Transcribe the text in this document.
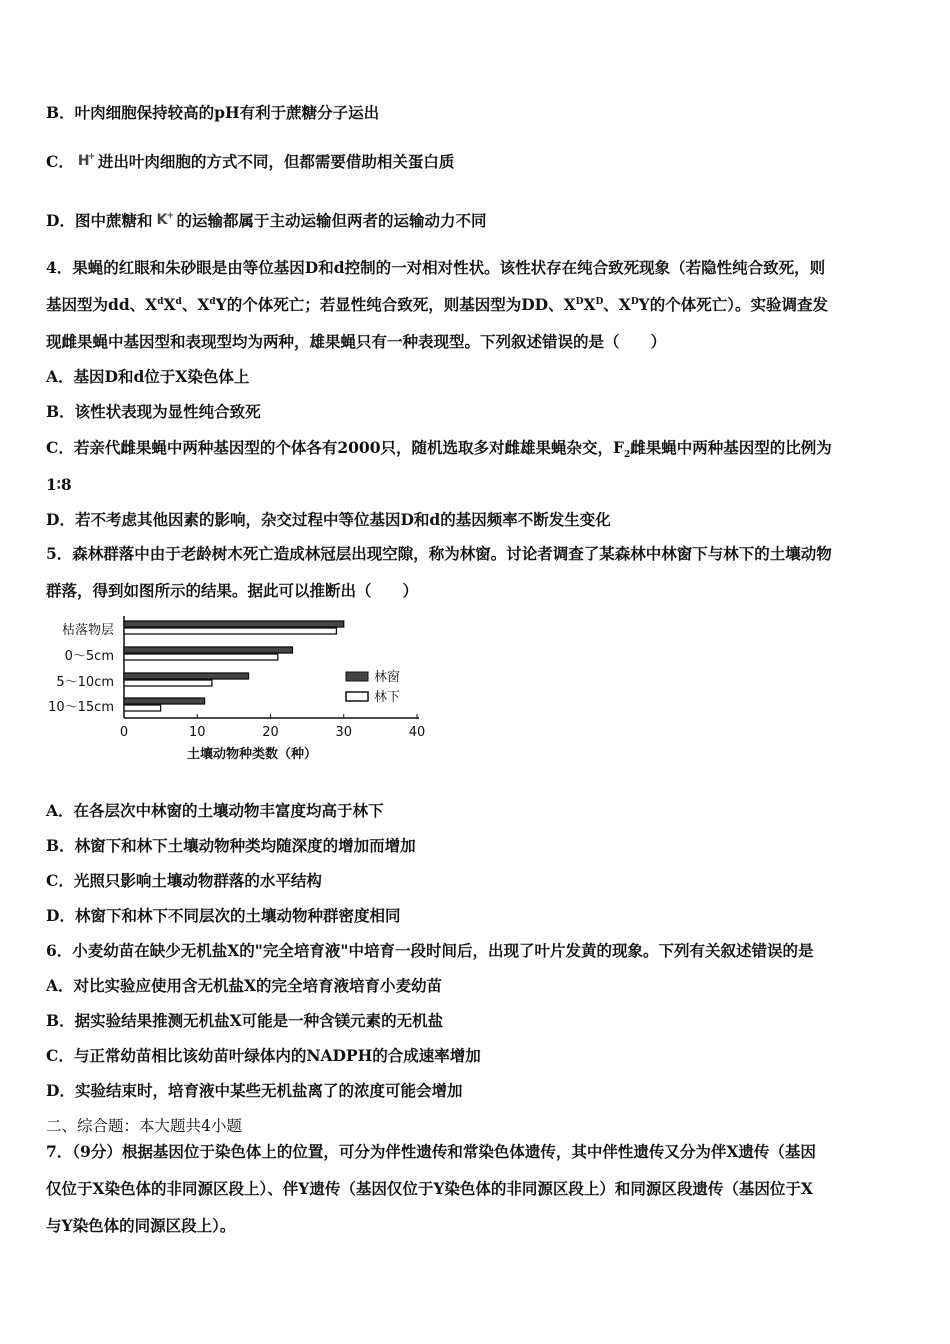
B．叶肉细胞保持较高的pH有利于蔗糖分子运出
C． H
+ 进出叶肉细胞的方式不同，但都需要借助相关蛋白质
D．图中蔗糖和 K + 的运输都属于主动运输但两者的运输动力不同
4．果蝇的红眼和朱砂眼是由等位基因D和d控制的一对相对性状。该性状存在纯合致死现象（若隐性纯合致死，则
基因型为dd、$X^dX^d$、$X^dY$的个体死亡；若显性纯合致死，则基因型为DD、$X^DX^D$、$X^DY$的个体死亡）。实验调查发
现雌果蝇中基因型和表现型均为两种，雄果蝇只有一种表现型。下列叙述错误的是（　　）
A．基因D和d位于X染色体上
B．该性状表现为显性纯合致死
C．若亲代雌果蝇中两种基因型的个体各有2000只，随机选取多对雌雄果蝇杂交，$F_2$雌果蝇中两种基因型的比例为
1∶8
D．若不考虑其他因素的影响，杂交过程中等位基因D和d的基因频率不断发生变化
5．森林群落中由于老龄树木死亡造成林冠层出现空隙，称为林窗。讨论者调查了某森林中林窗下与林下的土壤动物
群落，得到如图所示的结果。据此可以推断出（　　）
枯落物层
0～5cm
5～10cm
10～15cm
0	10	20	30	40
土壤动物种类数（种）
林窗
林下
A．在各层次中林窗的土壤动物丰富度均高于林下
B．林窗下和林下土壤动物种类均随深度的增加而增加
C．光照只影响土壤动物群落的水平结构
D．林窗下和林下不同层次的土壤动物种群密度相同
6．小麦幼苗在缺少无机盐X的"完全培育液"中培育一段时间后，出现了叶片发黄的现象。下列有关叙述错误的是
A．对比实验应使用含无机盐X的完全培育液培育小麦幼苗
B．据实验结果推测无机盐X可能是一种含镁元素的无机盐
C．与正常幼苗相比该幼苗叶绿体内的NADPH的合成速率增加
D．实验结束时，培育液中某些无机盐离了的浓度可能会增加
二、综合题：本大题共4小题
7．（9分）根据基因位于染色体上的位置，可分为伴性遗传和常染色体遗传，其中伴性遗传又分为伴X遗传（基因
仅位于X染色体的非同源区段上）、伴Y遗传（基因仅位于Y染色体的非同源区段上）和同源区段遗传（基因位于X
与Y染色体的同源区段上）。
